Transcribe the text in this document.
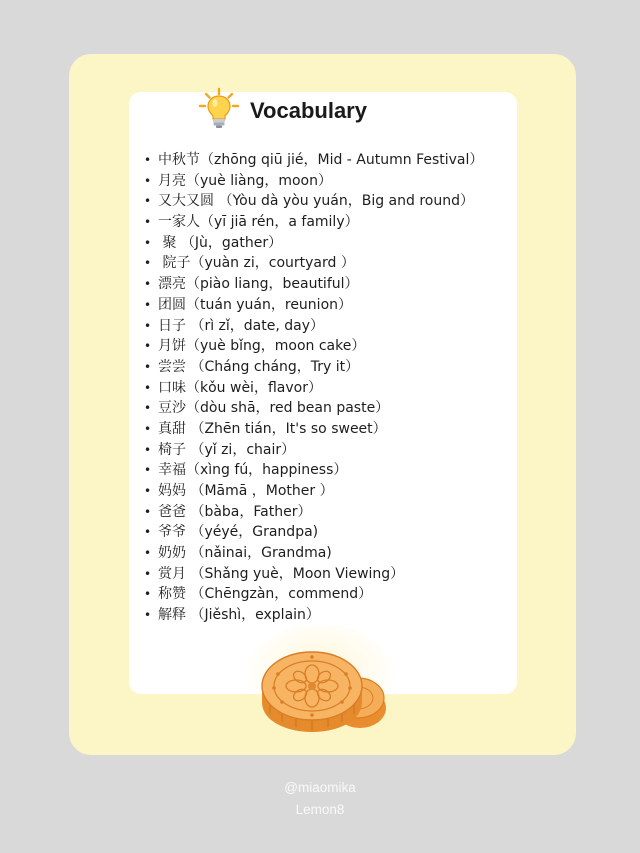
Vocabulary
• 中秋节（zhōng qiū jié，Mid - Autumn Festival）
• 月亮（yuè liàng，moon）
• 又大又圆 （Yòu dà yòu yuán，Big and round）
• 一家人（yī jiā rén，a family）
• 聚 （Jù，gather）
• 院子（yuàn zi，courtyard ）
• 漂亮（piào liang，beautiful）
• 团圆（tuán yuán，reunion）
• 日子 （rì zǐ，date, day）
• 月饼（yuè bǐng，moon cake）
• 尝尝 （Cháng cháng，Try it）
• 口味（kǒu wèi，flavor）
• 豆沙（dòu shā，red bean paste）
• 真甜 （Zhēn tián，It's so sweet）
• 椅子 （yǐ zi，chair）
• 幸福（xìng fú，happiness）
• 妈妈 （Māmā ，Mother ）
• 爸爸 （bàba，Father）
• 爷爷 （yéyé，Grandpa)
• 奶奶 （nǎinai，Grandma)
• 赏月 （Shǎng yuè，Moon Viewing）
• 称赞 （Chēngzàn，commend）
• 解释 （Jiěshì，explain）
@miaomika
Lemon8
